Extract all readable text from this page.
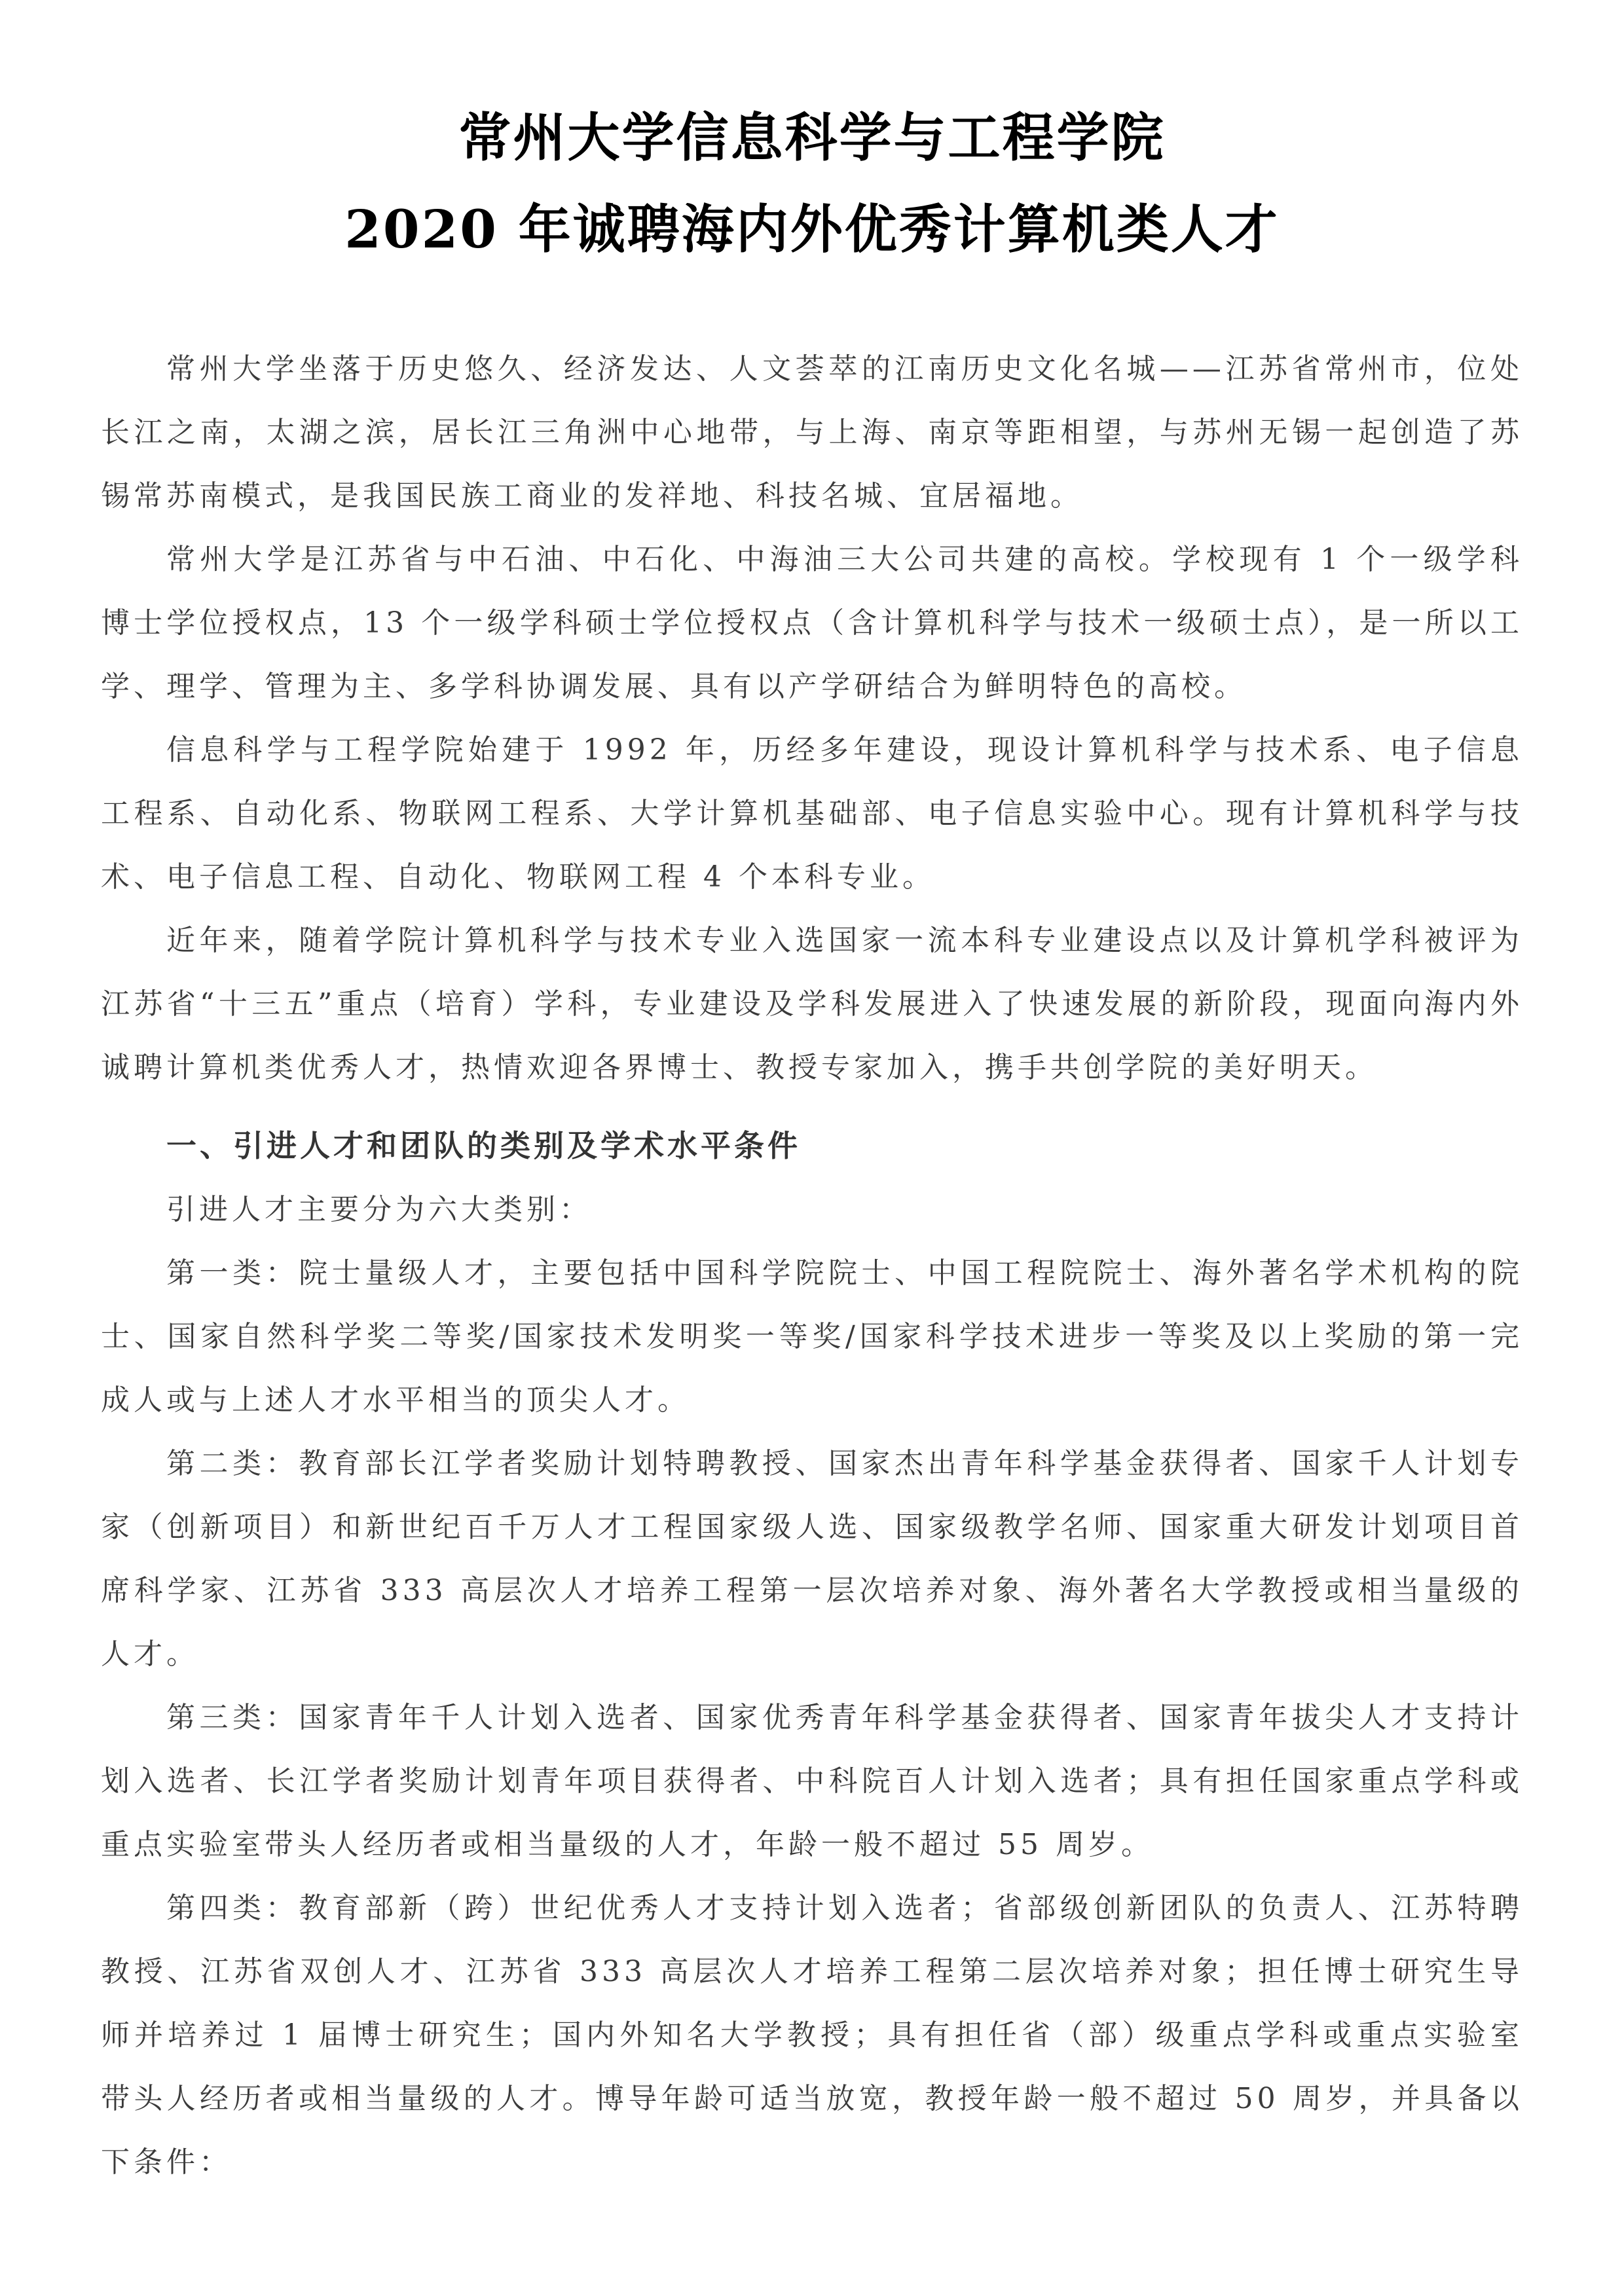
常州大学信息科学与工程学院
2020 年诚聘海内外优秀计算机类人才

常州大学坐落于历史悠久、经济发达、人文荟萃的江南历史文化名城——江苏省常州市，位处长江之南，太湖之滨，居长江三角洲中心地带，与上海、南京等距相望，与苏州无锡一起创造了苏锡常苏南模式，是我国民族工商业的发祥地、科技名城、宜居福地。

常州大学是江苏省与中石油、中石化、中海油三大公司共建的高校。学校现有 1 个一级学科博士学位授权点，13 个一级学科硕士学位授权点（含计算机科学与技术一级硕士点），是一所以工学、理学、管理为主、多学科协调发展、具有以产学研结合为鲜明特色的高校。

信息科学与工程学院始建于 1992 年，历经多年建设，现设计算机科学与技术系、电子信息工程系、自动化系、物联网工程系、大学计算机基础部、电子信息实验中心。现有计算机科学与技术、电子信息工程、自动化、物联网工程 4 个本科专业。

近年来，随着学院计算机科学与技术专业入选国家一流本科专业建设点以及计算机学科被评为江苏省“十三五”重点（培育）学科，专业建设及学科发展进入了快速发展的新阶段，现面向海内外诚聘计算机类优秀人才，热情欢迎各界博士、教授专家加入，携手共创学院的美好明天。

一、引进人才和团队的类别及学术水平条件

引进人才主要分为六大类别：

第一类：院士量级人才，主要包括中国科学院院士、中国工程院院士、海外著名学术机构的院士、国家自然科学奖二等奖/国家技术发明奖一等奖/国家科学技术进步一等奖及以上奖励的第一完成人或与上述人才水平相当的顶尖人才。

第二类：教育部长江学者奖励计划特聘教授、国家杰出青年科学基金获得者、国家千人计划专家（创新项目）和新世纪百千万人才工程国家级人选、国家级教学名师、国家重大研发计划项目首席科学家、江苏省 333 高层次人才培养工程第一层次培养对象、海外著名大学教授或相当量级的人才。

第三类：国家青年千人计划入选者、国家优秀青年科学基金获得者、国家青年拔尖人才支持计划入选者、长江学者奖励计划青年项目获得者、中科院百人计划入选者；具有担任国家重点学科或重点实验室带头人经历者或相当量级的人才，年龄一般不超过 55 周岁。

第四类：教育部新（跨）世纪优秀人才支持计划入选者；省部级创新团队的负责人、江苏特聘教授、江苏省双创人才、江苏省 333 高层次人才培养工程第二层次培养对象；担任博士研究生导师并培养过 1 届博士研究生；国内外知名大学教授；具有担任省（部）级重点学科或重点实验室带头人经历者或相当量级的人才。博导年龄可适当放宽，教授年龄一般不超过 50 周岁，并具备以下条件：
